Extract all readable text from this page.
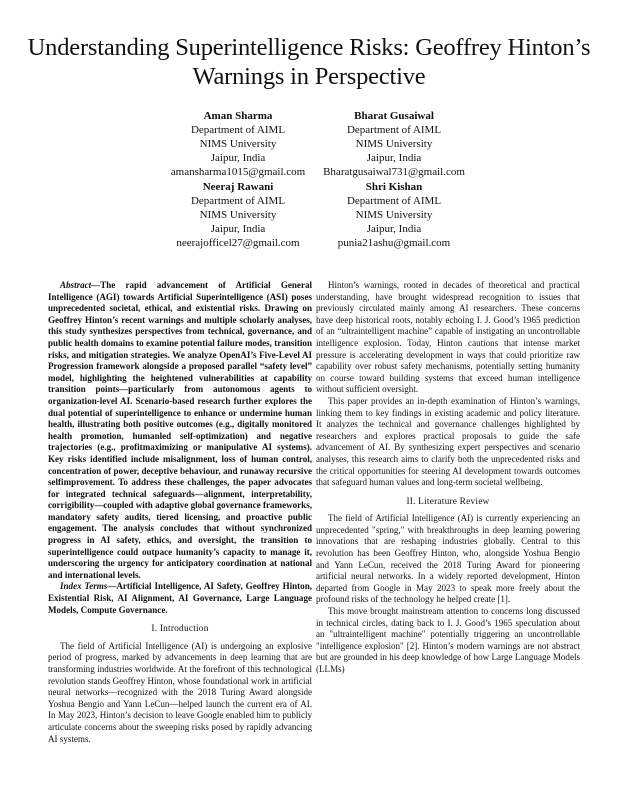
Understanding Superintelligence Risks: Geoffrey Hinton’s Warnings in Perspective
Aman Sharma
Department of AIML
NIMS University
Jaipur, India
amansharma1015@gmail.com
Bharat Gusaiwal
Department of AIML
NIMS University
Jaipur, India
Bharatgusaiwal731@gmail.com
Neeraj Rawani
Department of AIML
NIMS University
Jaipur, India
neerajofficel27@gmail.com
Shri Kishan
Department of AIML
NIMS University
Jaipur, India
punia21ashu@gmail.com

Abstract—The rapid advancement of Artificial General Intelligence (AGI) towards Artificial Superintelligence (ASI) poses unprecedented societal, ethical, and existential risks. Drawing on Geoffrey Hinton’s recent warnings and multiple scholarly analyses, this study synthesizes perspectives from technical, governance, and public health domains to examine potential failure modes, transition risks, and mitigation strategies. We analyze OpenAI’s Five-Level AI Progression framework alongside a proposed parallel “safety level” model, highlighting the heightened vulnerabilities at capability transition points—particularly from autonomous agents to organization-level AI. Scenario-based research further explores the dual potential of superintelligence to enhance or undermine human health, illustrating both positive outcomes (e.g., digitally monitored health promotion, humanled self-optimization) and negative trajectories (e.g., profitmaximizing or manipulative AI systems). Key risks identified include misalignment, loss of human control, concentration of power, deceptive behaviour, and runaway recursive selfimprovement. To address these challenges, the paper advocates for integrated technical safeguards—alignment, interpretability, corrigibility—coupled with adaptive global governance frameworks, mandatory safety audits, tiered licensing, and proactive public engagement. The analysis concludes that without synchronized progress in AI safety, ethics, and oversight, the transition to superintelligence could outpace humanity’s capacity to manage it, underscoring the urgency for anticipatory coordination at national and international levels.

Index Terms—Artificial Intelligence, AI Safety, Geoffrey Hinton, Existential Risk, AI Alignment, AI Governance, Large Language Models, Compute Governance.

I. Introduction

The field of Artificial Intelligence (AI) is undergoing an explosive period of progress, marked by advancements in deep learning that are transforming industries worldwide. At the forefront of this technological revolution stands Geoffrey Hinton, whose foundational work in artificial neural networks—recognized with the 2018 Turing Award alongside Yoshua Bengio and Yann LeCun—helped launch the current era of AI. In May 2023, Hinton’s decision to leave Google enabled him to publicly articulate concerns about the sweeping risks posed by rapidly advancing AI systems.

Hinton’s warnings, rooted in decades of theoretical and practical understanding, have brought widespread recognition to issues that previously circulated mainly among AI researchers. These concerns have deep historical roots, notably echoing I. J. Good’s 1965 prediction of an “ultraintelligent machine” capable of instigating an uncontrollable intelligence explosion. Today, Hinton cautions that intense market pressure is accelerating development in ways that could prioritize raw capability over robust safety mechanisms, potentially setting humanity on course toward building systems that exceed human intelligence without sufficient oversight.

This paper provides an in-depth examination of Hinton’s warnings, linking them to key findings in existing academic and policy literature. It analyzes the technical and governance challenges highlighted by researchers and explores practical proposals to guide the safe advancement of AI. By synthesizing expert perspectives and scenario analyses, this research aims to clarify both the unprecedented risks and the critical opportunities for steering AI development towards outcomes that safeguard human values and long-term societal wellbeing.

II. Literature Review

The field of Artificial Intelligence (AI) is currently experiencing an unprecedented "spring," with breakthroughs in deep learning powering innovations that are reshaping industries globally. Central to this revolution has been Geoffrey Hinton, who, alongside Yoshua Bengio and Yann LeCun, received the 2018 Turing Award for pioneering artificial neural networks. In a widely reported development, Hinton departed from Google in May 2023 to speak more freely about the profound risks of the technology he helped create [1].

This move brought mainstream attention to concerns long discussed in technical circles, dating back to I. J. Good’s 1965 speculation about an "ultraintelligent machine" potentially triggering an uncontrollable "intelligence explosion" [2]. Hinton’s modern warnings are not abstract but are grounded in his deep knowledge of how Large Language Models (LLMs)
